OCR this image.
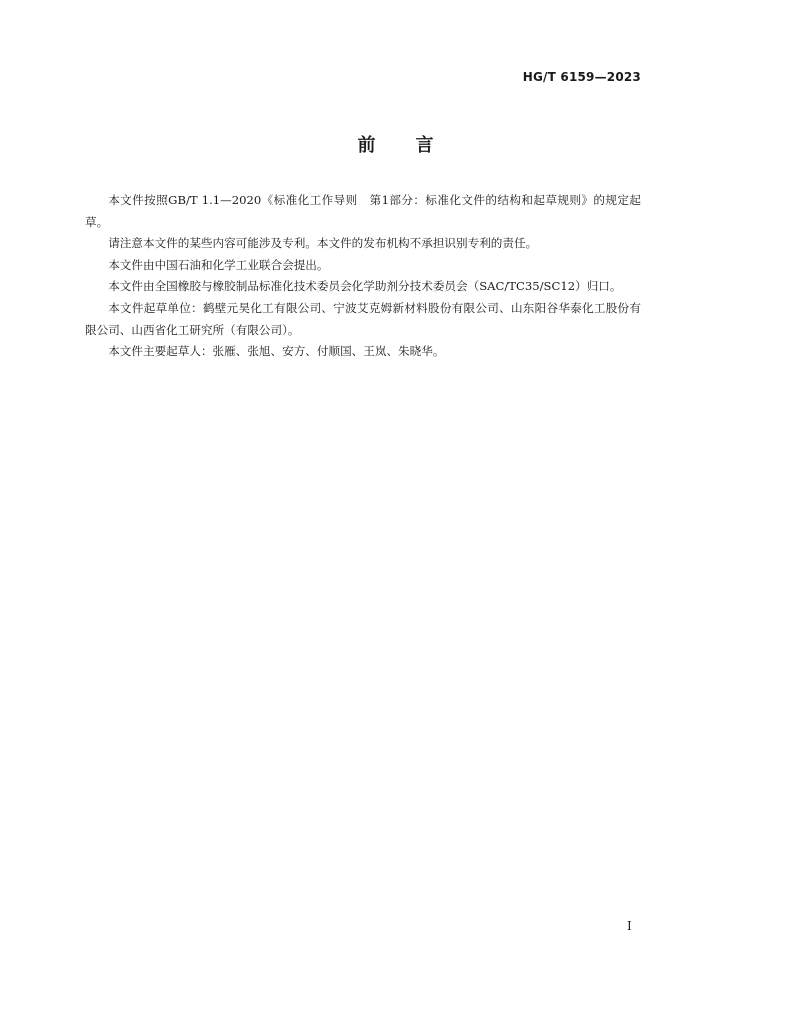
HG/T 6159—2023
前 言

本文件按照GB/T 1.1—2020《标准化工作导则　第1部分：标准化文件的结构和起草规则》的规定起草。

请注意本文件的某些内容可能涉及专利。本文件的发布机构不承担识别专利的责任。

本文件由中国石油和化学工业联合会提出。

本文件由全国橡胶与橡胶制品标准化技术委员会化学助剂分技术委员会（SAC/TC35/SC12）归口。

本文件起草单位：鹤壁元昊化工有限公司、宁波艾克姆新材料股份有限公司、山东阳谷华泰化工股份有限公司、山西省化工研究所（有限公司）。

本文件主要起草人：张雁、张旭、安方、付顺国、王岚、朱晓华。

I
